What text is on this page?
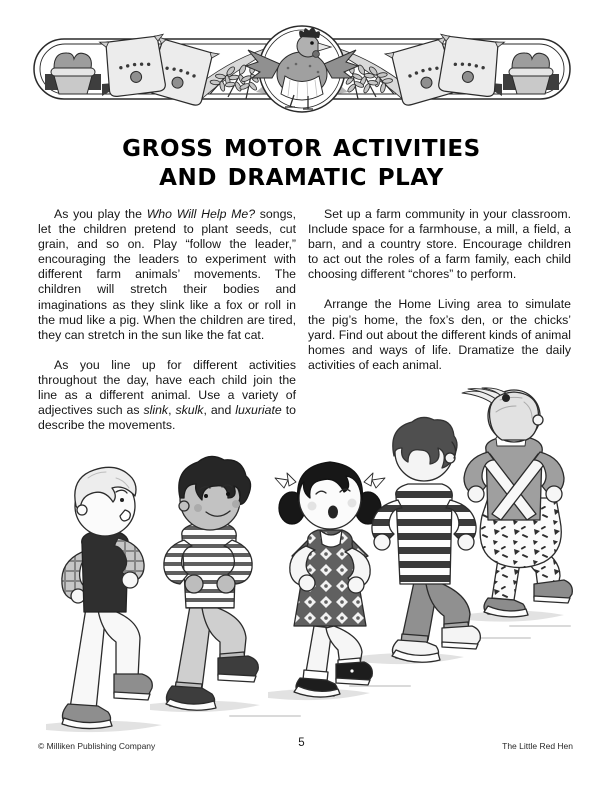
GROSS MOTOR ACTIVITIES
AND DRAMATIC PLAY

As you play the Who Will Help Me? songs, let the children pretend to plant seeds, cut grain, and so on. Play “follow the leader,” encouraging the leaders to experiment with different farm animals’ movements. The children will stretch their bodies and imaginations as they slink like a fox or roll in the mud like a pig. When the children are tired, they can stretch in the sun like the fat cat.

As you line up for different activities throughout the day, have each child join the line as a different animal. Use a variety of adjectives such as slink, skulk, and luxuriate to describe the movements.

Set up a farm community in your classroom. Include space for a farmhouse, a mill, a field, a barn, and a country store. Encourage children to act out the roles of a farm family, each child choosing different “chores” to perform.

Arrange the Home Living area to simulate the pig’s home, the fox’s den, or the chicks’ yard. Find out about the different kinds of animal homes and ways of life. Dramatize the daily activities of each animal.

© Milliken Publishing Company	5	The Little Red Hen
